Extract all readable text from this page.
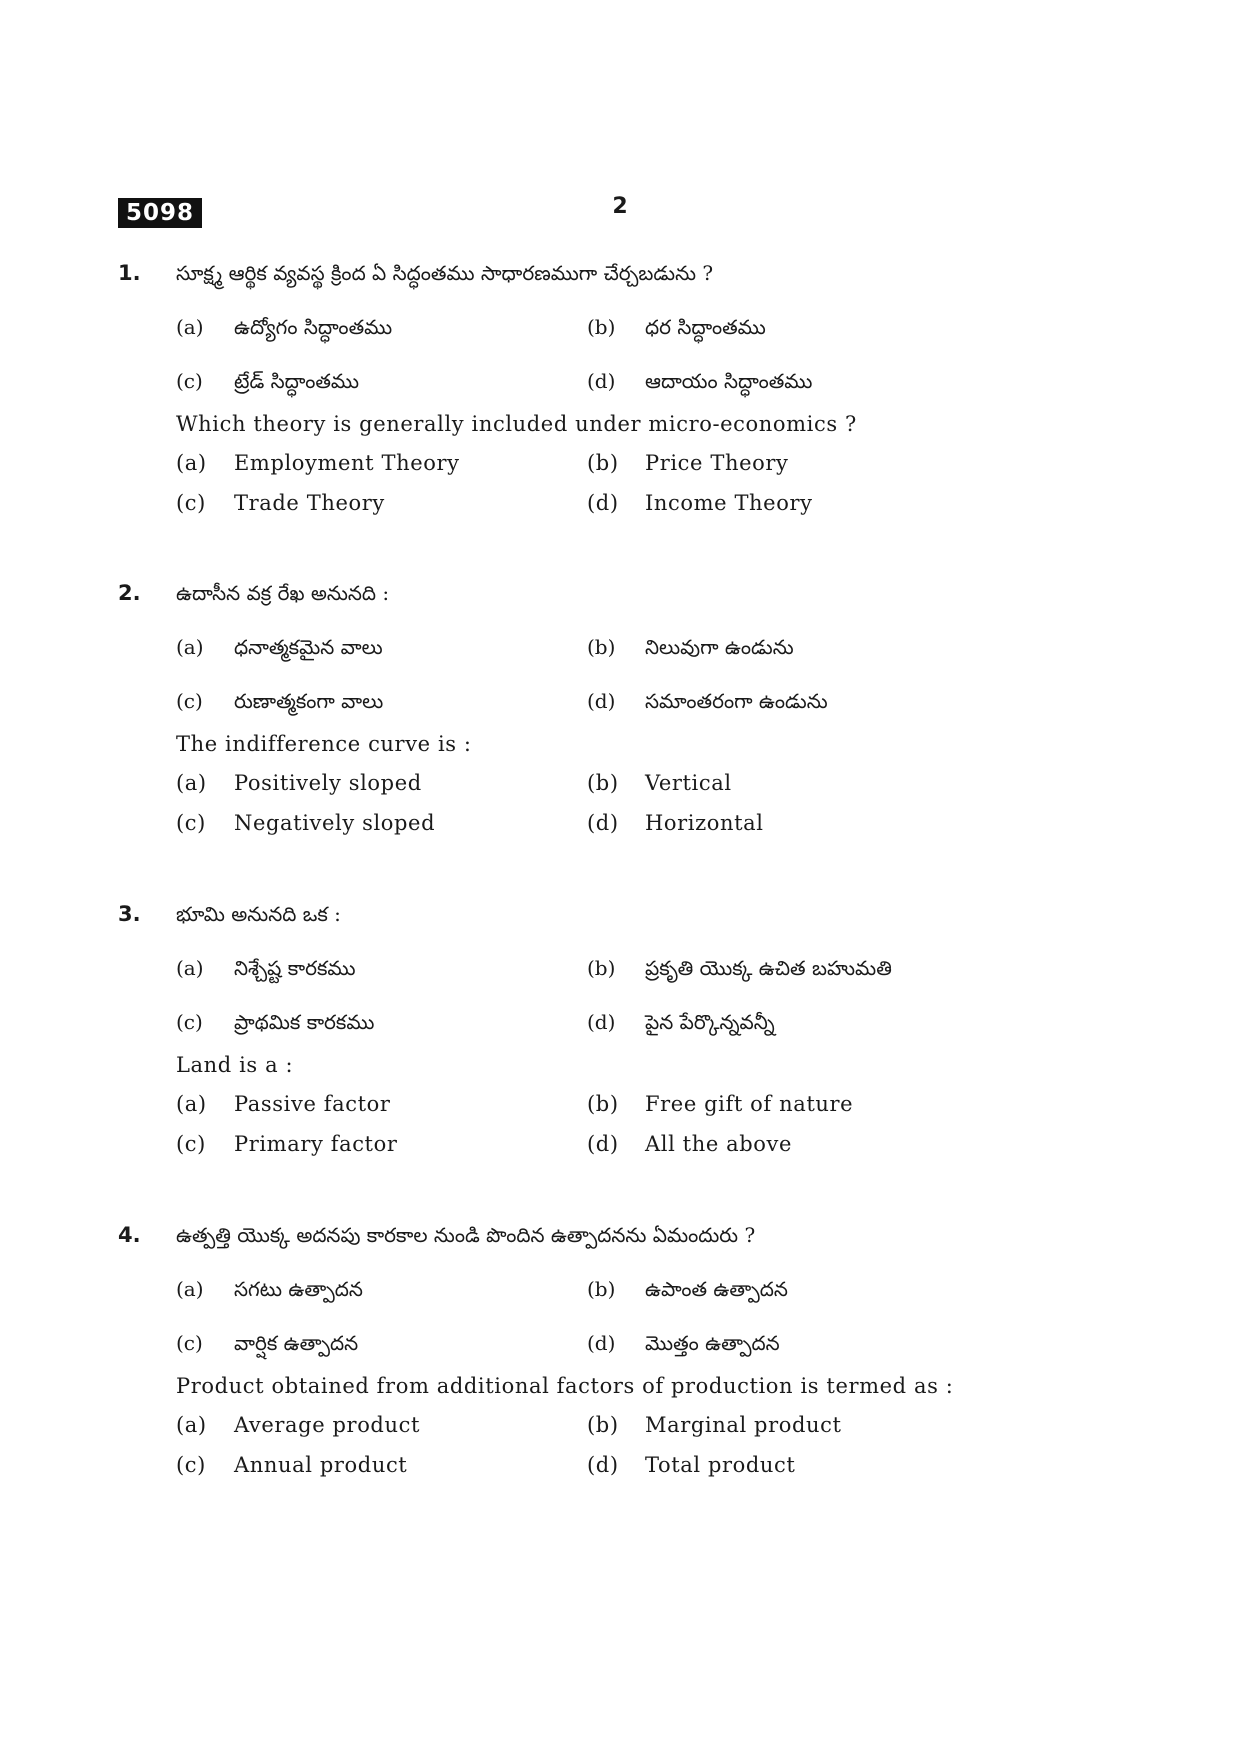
5098	2
1. సూక్ష్మ ఆర్థిక వ్యవస్థ క్రింద ఏ సిద్ధంతము సాధారణముగా చేర్చబడును ?
Which theory is generally included under micro-economics ?
(a) ఉద్యోగం సిద్ధాంతము	(b) ధర సిద్ధాంతము
(c) ట్రేడ్ సిద్ధాంతము	(d) ఆదాయం సిద్ధాంతము
(a) Employment Theory	(b) Price Theory
(c) Trade Theory	(d) Income Theory
2. ఉదాసీన వక్ర రేఖ అనునది :
The indifference curve is :
(a) ధనాత్మకమైన వాలు	(b) నిలువుగా ఉండును
(c) రుణాత్మకంగా వాలు	(d) సమాంతరంగా ఉండును
(a) Positively sloped	(b) Vertical
(c) Negatively sloped	(d) Horizontal
3. భూమి అనునది ఒక :
Land is a :
(a) నిశ్చేష్ట కారకము	(b) ప్రకృతి యొక్క ఉచిత బహుమతి
(c) ప్రాథమిక కారకము	(d) పైన పేర్కొన్నవన్నీ
(a) Passive factor	(b) Free gift of nature
(c) Primary factor	(d) All the above
4. ఉత్పత్తి యొక్క అదనపు కారకాల నుండి పొందిన ఉత్పాదనను ఏమందురు ?
Product obtained from additional factors of production is termed as :
(a) సగటు ఉత్పాదన	(b) ఉపాంత ఉత్పాదన
(c) వార్షిక ఉత్పాదన	(d) మొత్తం ఉత్పాదన
(a) Average product	(b) Marginal product
(c) Annual product	(d) Total product
